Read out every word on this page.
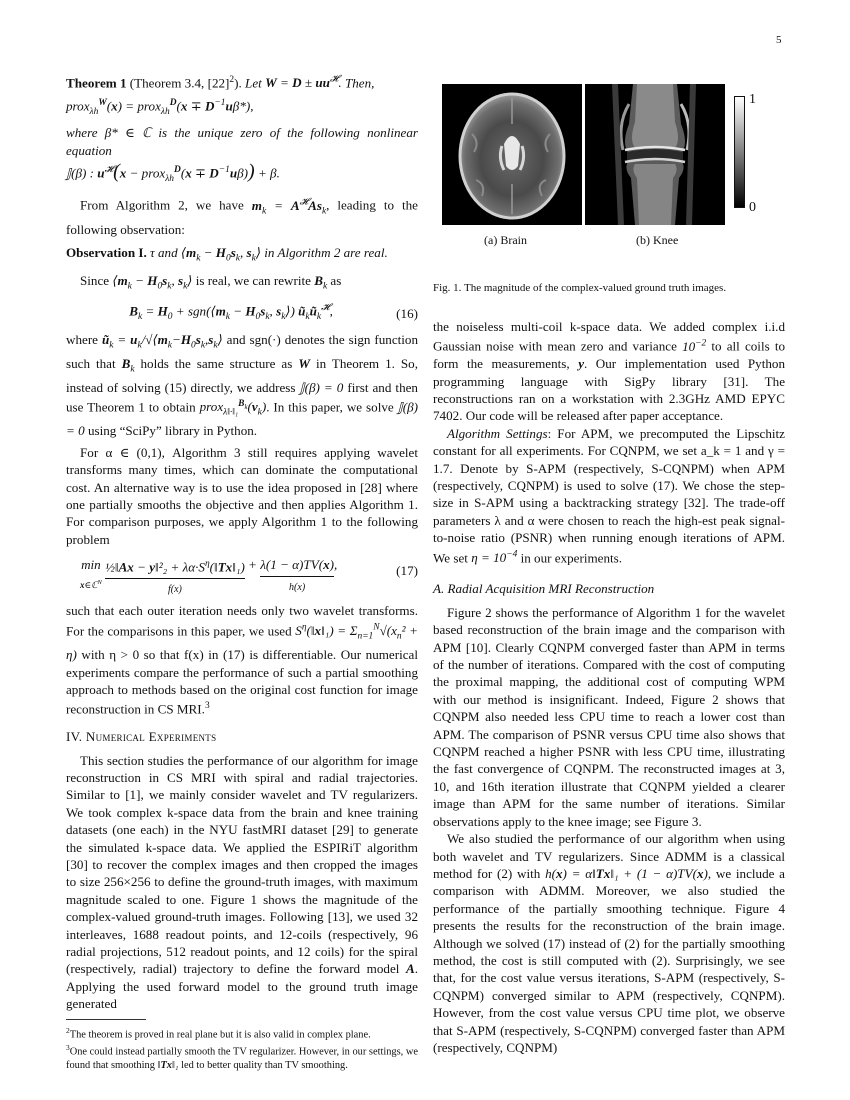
5
1
0
(a) Brain	(b) Knee
Fig. 1. The magnitude of the complex-valued ground truth images.

Theorem 1 (Theorem 3.4, $[22]^2$). Let $W = D \pm uu^𝓗$. Then,

prox$_{\lambda h}^W$(x) = prox$_{\lambda h}^D$(x ∓ $D^{-1}u\beta*$),

where β* ∈ ℂ is the unique zero of the following nonlinear equation

𝕁(β) : $u^𝓗(x$ − prox$_{\lambda h}^D$(x ∓ $D^{-1}u\beta)) + \beta$.

From Algorithm 2, we have $m_k = A^𝓗As_k$, leading to the following observation:

Observation I. τ and $⟨m_k - H_0s_k$, $s_k⟩$ in Algorithm 2 are real.

Since $⟨m_k - H_0s_k$, $s_k⟩$ is real, we can rewrite $B_k$ as

$B_k = H_0$ + $sgn(⟨m_k - H_0s_k$, $s_k⟩$) $ũ_kũ_k^𝓗$,	(16)

where $ũ_k$ = $u_k/√⟨m_k-H_0s_k,s_k⟩$ and sgn(·) denotes the sign function such that $B_k$ holds the same structure as W in Theorem 1. So, instead of solving (15) directly, we address 𝕁(β) = 0 first and then use Theorem 1 to obtain $prox_{\lambda‖\cdot‖_1}^{B_k}(v_k)$. In this paper, we solve 𝕁(β) = 0 using “SciPy” library in Python.

For α ∈ (0,1), Algorithm 3 still requires applying wavelet transforms many times, which can dominate the computational cost. An alternative way is to use the idea proposed in [28] where one partially smooths the objective and then applies Algorithm 1. For comparison purposes, we apply Algorithm 1 to the following problem

min
x∈ℂ$^N$ ½‖Ax − y‖²₂ + $\lambda\alpha\cdot S^\eta(‖Tx‖_1)$
f(x) + λ(1 − α)TV(x)
h(x),	(17)

such that each outer iteration needs only two wavelet transforms. For the comparisons in this paper, we used $S^\eta(‖x‖_1) = \Sigma_{n=1}^N√(x_n^2 + \eta)$ with η > 0 so that f(x) in (17) is differentiable. Our numerical experiments compare the performance of such a partial smoothing approach to methods based on the original cost function for image reconstruction in CS MRI.$^3$

IV. Numerical Experiments

This section studies the performance of our algorithm for image reconstruction in CS MRI with spiral and radial trajectories. Similar to [1], we mainly consider wavelet and TV regularizers. We took complex k-space data from the brain and knee training datasets (one each) in the NYU fastMRI dataset [29] to generate the simulated k-space data. We applied the ESPIRiT algorithm [30] to recover the complex images and then cropped the images to size 256×256 to define the ground-truth images, with maximum magnitude scaled to one. Figure 1 shows the magnitude of the complex-valued ground-truth images. Following [13], we used 32 interleaves, 1688 readout points, and 12-coils (respectively, 96 radial projections, 512 readout points, and 12 coils) for the spiral (respectively, radial) trajectory to define the forward model A. Applying the used forward model to the ground truth image generated

$^2$The theorem is proved in real plane but it is also valid in complex plane.

$^3$One could instead partially smooth the TV regularizer. However, in our settings, we found that smoothing ‖Tx‖₁ led to better quality than TV smoothing.

the noiseless multi-coil k-space data. We added complex i.i.d Gaussian noise with mean zero and variance $10^{-2}$ to all coils to form the measurements, y. Our implementation used Python programming language with SigPy library [31]. The reconstructions ran on a workstation with 2.3GHz AMD EPYC 7402. Our code will be released after paper acceptance.

Algorithm Settings: For APM, we precomputed the Lipschitz constant for all experiments. For CQNPM, we set a_k = 1 and γ = 1.7. Denote by S-APM (respectively, S-CQNPM) when APM (respectively, CQNPM) is used to solve (17). We chose the step-size in S-APM using a backtracking strategy [32]. The trade-off parameters λ and α were chosen to reach the high-est peak signal-to-noise ratio (PSNR) when running enough iterations of APM. We set $\eta = 10^{-4}$ in our experiments.

A. Radial Acquisition MRI Reconstruction

Figure 2 shows the performance of Algorithm 1 for the wavelet based reconstruction of the brain image and the comparison with APM [10]. Clearly CQNPM converged faster than APM in terms of the number of iterations. Compared with the cost of computing the proximal mapping, the additional cost of computing WPM with our method is insignificant. Indeed, Figure 2 shows that CQNPM also needed less CPU time to reach a lower cost than APM. The comparison of PSNR versus CPU time also shows that CQNPM reached a higher PSNR with less CPU time, illustrating the fast convergence of CQNPM. The reconstructed images at 3, 10, and 16th iteration illustrate that CQNPM yielded a clearer image than APM for the same number of iterations. Similar observations apply to the knee image; see Figure 3.

We also studied the performance of our algorithm when using both wavelet and TV regularizers. Since ADMM is a classical method for (2) with h(x) = α‖Tx‖₁ + (1 − α)TV(x), we include a comparison with ADMM. Moreover, we also studied the performance of the partially smoothing technique. Figure 4 presents the results for the reconstruction of the brain image. Although we solved (17) instead of (2) for the partially smoothing method, the cost is still computed with (2). Surprisingly, we see that, for the cost value versus iterations, S-APM (respectively, S-CQNPM) converged similar to APM (respectively, CQNPM). However, from the cost value versus CPU time plot, we observe that S-APM (respectively, S-CQNPM) converged faster than APM (respectively, CQNPM)
